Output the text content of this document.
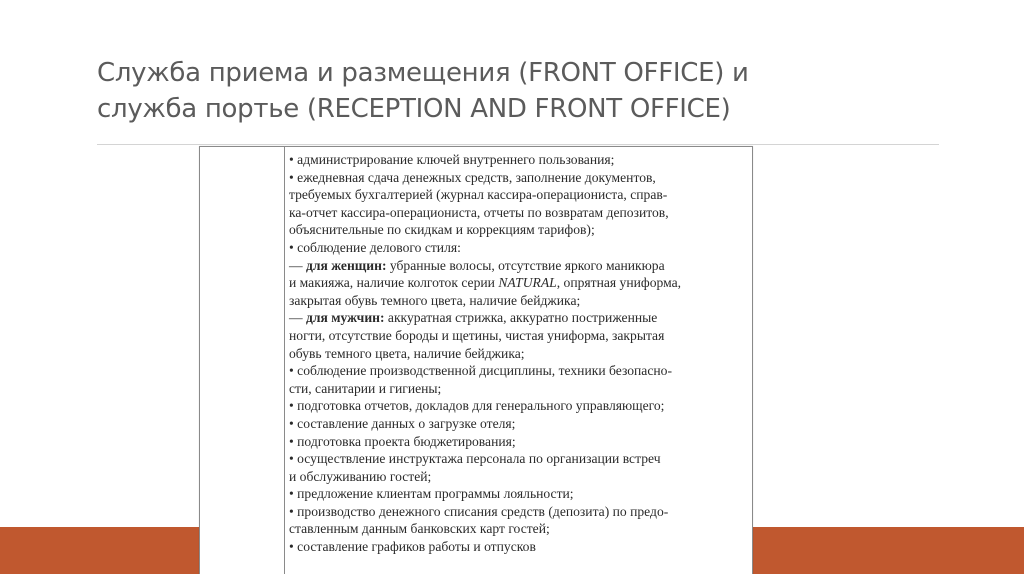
Служба приема и размещения (FRONT OFFICE) и
служба портье (RECEPTION AND FRONT OFFICE)
• администрирование ключей внутреннего пользования;
• ежедневная сдача денежных средств, заполнение документов,
требуемых бухгалтерией (журнал кассира-операциониста, справ-
ка-отчет кассира-операциониста, отчеты по возвратам депозитов,
объяснительные по скидкам и коррекциям тарифов);
• соблюдение делового стиля:
— для женщин: убранные волосы, отсутствие яркого маникюра
и макияжа, наличие колготок серии NATURAL, опрятная униформа,
закрытая обувь темного цвета, наличие бейджика;
— для мужчин: аккуратная стрижка, аккуратно постриженные
ногти, отсутствие бороды и щетины, чистая униформа, закрытая
обувь темного цвета, наличие бейджика;
• соблюдение производственной дисциплины, техники безопасно-
сти, санитарии и гигиены;
• подготовка отчетов, докладов для генерального управляющего;
• составление данных о загрузке отеля;
• подготовка проекта бюджетирования;
• осуществление инструктажа персонала по организации встреч
и обслуживанию гостей;
• предложение клиентам программы лояльности;
• производство денежного списания средств (депозита) по предо-
ставленным данным банковских карт гостей;
• составление графиков работы и отпусков
